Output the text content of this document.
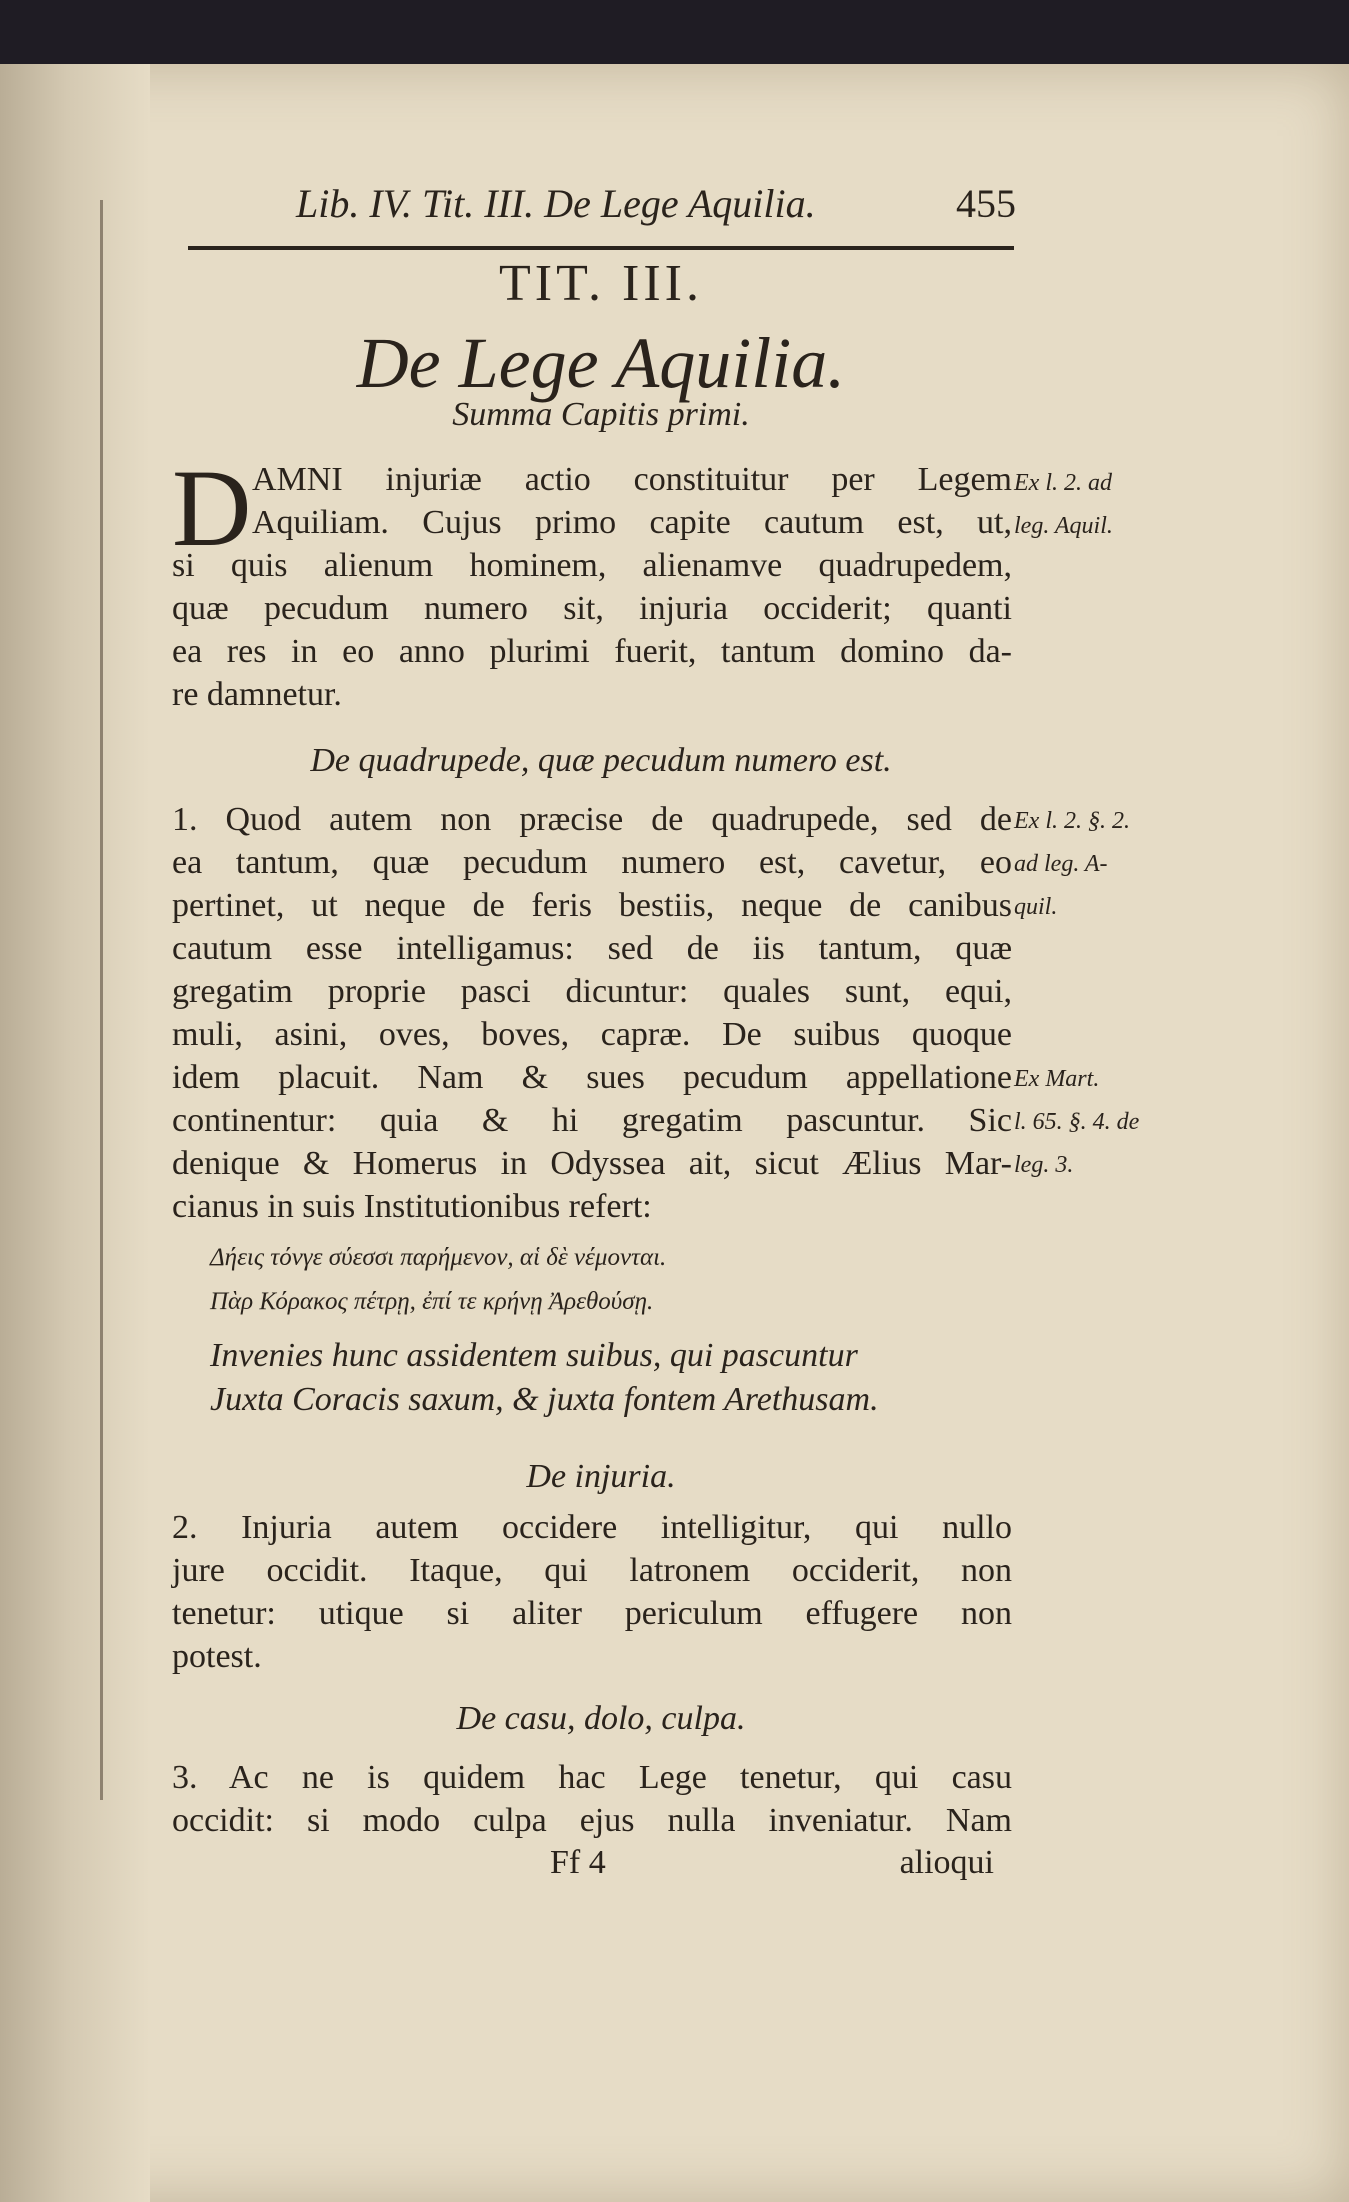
Lib. IV. Tit. III. De Lege Aquilia.	455
TIT. III.
De Lege Aquilia.
Summa Capitis primi.
D AMNI injuriæ actio constituitur per Legem
Aquiliam. Cujus primo capite cautum est, ut,
si quis alienum hominem, alienamve quadrupedem,
quæ pecudum numero sit, injuria occiderit; quanti
ea res in eo anno plurimi fuerit, tantum domino da-
re damnetur.
Ex l. 2. ad
leg. Aquil.
De quadrupede, quæ pecudum numero est.
1. Quod autem non præcise de quadrupede, sed de
ea tantum, quæ pecudum numero est, cavetur, eo
pertinet, ut neque de feris bestiis, neque de canibus
cautum esse intelligamus: sed de iis tantum, quæ
gregatim proprie pasci dicuntur: quales sunt, equi,
muli, asini, oves, boves, capræ. De suibus quoque
idem placuit. Nam & sues pecudum appellatione
continentur: quia & hi gregatim pascuntur. Sic
denique & Homerus in Odyssea ait, sicut Ælius Mar-
cianus in suis Institutionibus refert:
Ex l. 2. §. 2.
ad leg. A-
quil.
Ex Mart.
l. 65. §. 4. de
leg. 3.
Δήεις τόνγε σύεσσι παρήμενον, αἱ δὲ νέμονται.
Πὰρ Κόρακος πέτρῃ, ἐπί τε κρήνῃ Ἀρεθούσῃ.
Invenies hunc assidentem suibus, qui pascuntur
Juxta Coracis saxum, & juxta fontem Arethusam.
De injuria.
2. Injuria autem occidere intelligitur, qui nullo
jure occidit. Itaque, qui latronem occiderit, non
tenetur: utique si aliter periculum effugere non
potest.
De casu, dolo, culpa.
3. Ac ne is quidem hac Lege tenetur, qui casu
occidit: si modo culpa ejus nulla inveniatur. Nam
Ff 4	alioqui
